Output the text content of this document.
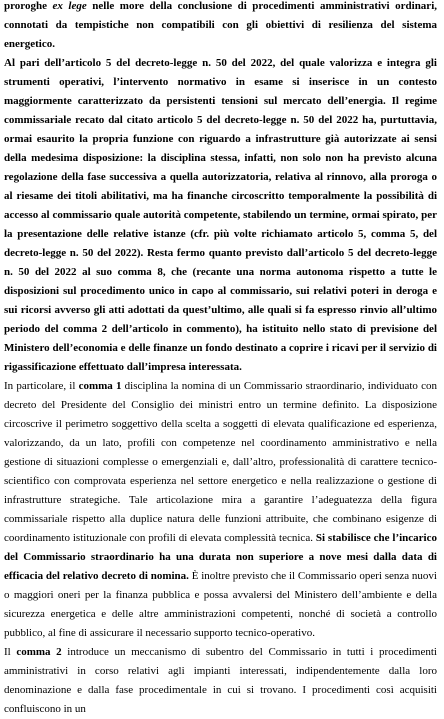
proroghe ex lege nelle more della conclusione di procedimenti amministrativi ordinari, connotati da tempistiche non compatibili con gli obiettivi di resilienza del sistema energetico.

Al pari dell’articolo 5 del decreto-legge n. 50 del 2022, del quale valorizza e integra gli strumenti operativi, l’intervento normativo in esame si inserisce in un contesto maggiormente caratterizzato da persistenti tensioni sul mercato dell’energia. Il regime commissariale recato dal citato articolo 5 del decreto-legge n. 50 del 2022 ha, purtuttavia, ormai esaurito la propria funzione con riguardo a infrastrutture già autorizzate ai sensi della medesima disposizione: la disciplina stessa, infatti, non solo non ha previsto alcuna regolazione della fase successiva a quella autorizzatoria, relativa al rinnovo, alla proroga o al riesame dei titoli abilitativi, ma ha finanche circoscritto temporalmente la possibilità di accesso al commissario quale autorità competente, stabilendo un termine, ormai spirato, per la presentazione delle relative istanze (cfr. più volte richiamato articolo 5, comma 5, del decreto-legge n. 50 del 2022). Resta fermo quanto previsto dall’articolo 5 del decreto-legge n. 50 del 2022 al suo comma 8, che (recante una norma autonoma rispetto a tutte le disposizioni sul procedimento unico in capo al commissario, sui relativi poteri in deroga e sui ricorsi avverso gli atti adottati da quest’ultimo, alle quali si fa espresso rinvio all’ultimo periodo del comma 2 dell’articolo in commento), ha istituito nello stato di previsione del Ministero dell’economia e delle finanze un fondo destinato a coprire i ricavi per il servizio di rigassificazione effettuato dall’impresa interessata.

In particolare, il comma 1 disciplina la nomina di un Commissario straordinario, individuato con decreto del Presidente del Consiglio dei ministri entro un termine definito. La disposizione circoscrive il perimetro soggettivo della scelta a soggetti di elevata qualificazione ed esperienza, valorizzando, da un lato, profili con competenze nel coordinamento amministrativo e nella gestione di situazioni complesse o emergenziali e, dall’altro, professionalità di carattere tecnico-scientifico con comprovata esperienza nel settore energetico e nella realizzazione o gestione di infrastrutture strategiche. Tale articolazione mira a garantire l’adeguatezza della figura commissariale rispetto alla duplice natura delle funzioni attribuite, che combinano esigenze di coordinamento istituzionale con profili di elevata complessità tecnica. Si stabilisce che l’incarico del Commissario straordinario ha una durata non superiore a nove mesi dalla data di efficacia del relativo decreto di nomina. È inoltre previsto che il Commissario operi senza nuovi o maggiori oneri per la finanza pubblica e possa avvalersi del Ministero dell’ambiente e della sicurezza energetica e delle altre amministrazioni competenti, nonché di società a controllo pubblico, al fine di assicurare il necessario supporto tecnico-operativo.

Il comma 2 introduce un meccanismo di subentro del Commissario in tutti i procedimenti amministrativi in corso relativi agli impianti interessati, indipendentemente dalla loro denominazione e dalla fase procedimentale in cui si trovano. I procedimenti così acquisiti confluiscono in un
